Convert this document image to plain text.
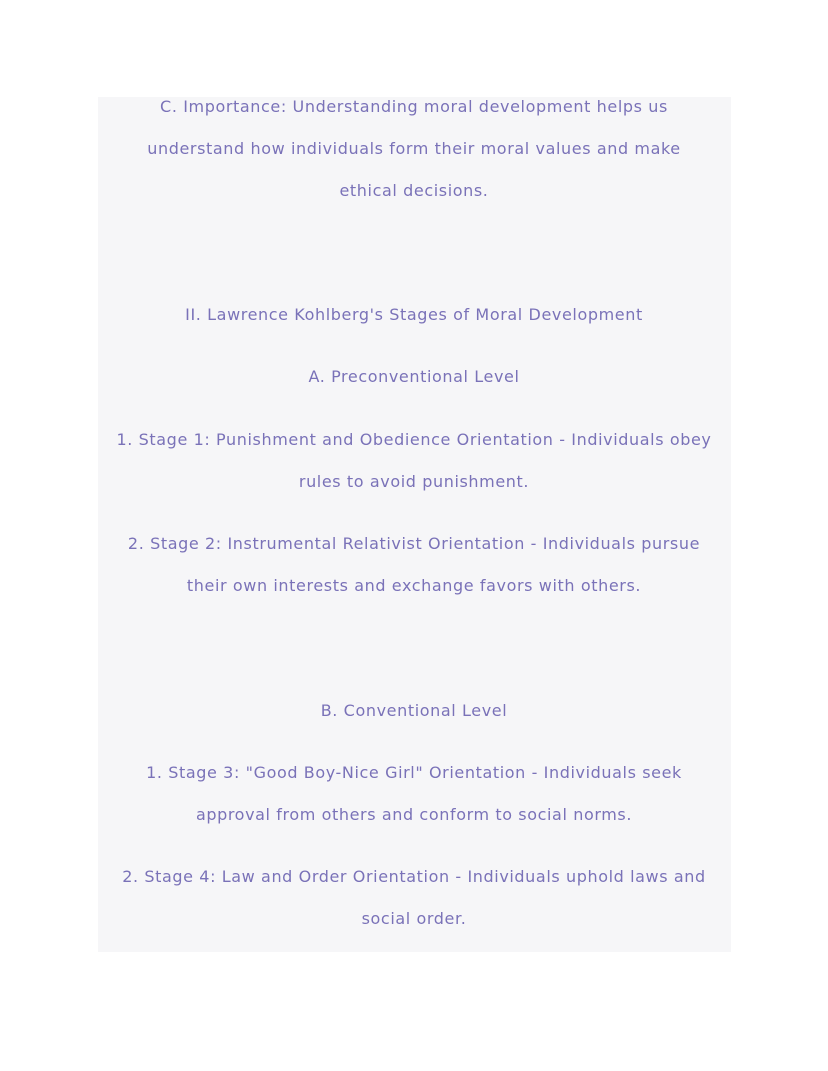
C. Importance: Understanding moral development helps us

understand how individuals form their moral values and make

ethical decisions.

II. Lawrence Kohlberg's Stages of Moral Development

A. Preconventional Level

1. Stage 1: Punishment and Obedience Orientation - Individuals obey

rules to avoid punishment.

2. Stage 2: Instrumental Relativist Orientation - Individuals pursue

their own interests and exchange favors with others.

B. Conventional Level

1. Stage 3: "Good Boy-Nice Girl" Orientation - Individuals seek

approval from others and conform to social norms.

2. Stage 4: Law and Order Orientation - Individuals uphold laws and

social order.
